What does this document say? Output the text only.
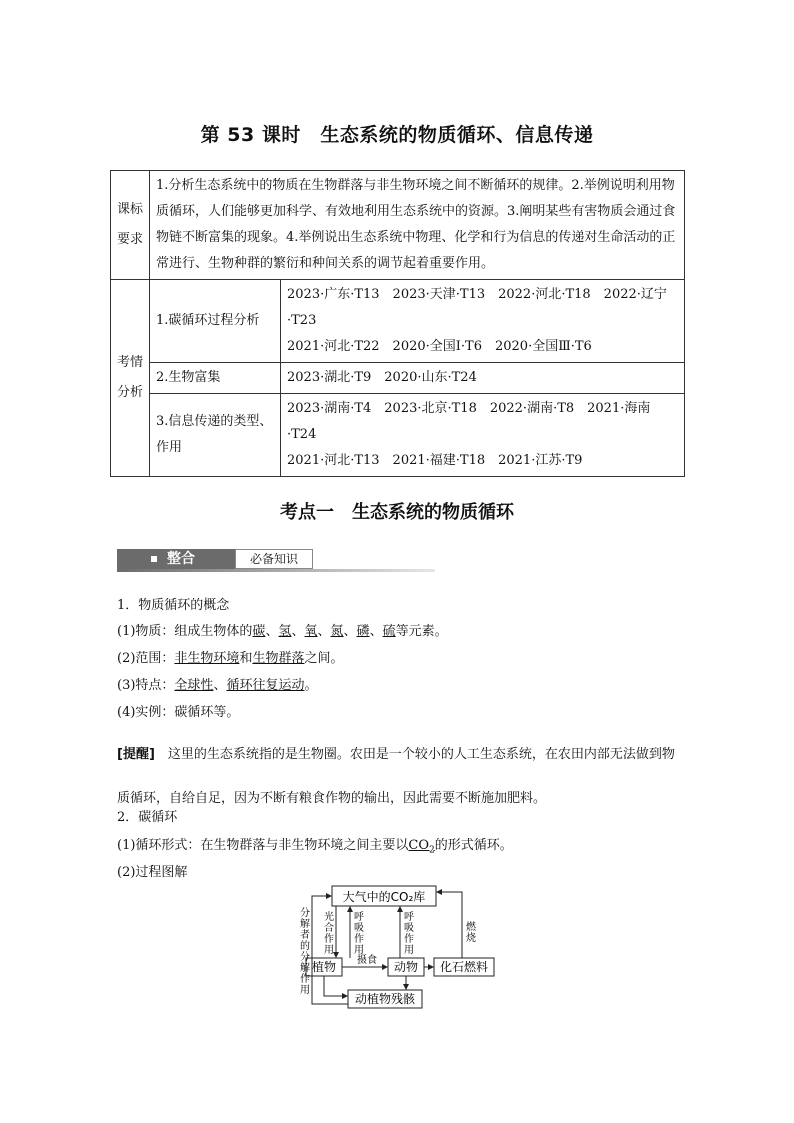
第 53 课时　生态系统的物质循环、信息传递
课标要求	1.分析生态系统中的物质在生物群落与非生物环境之间不断循环的规律。2.举例说明利用物质循环，人们能够更加科学、有效地利用生态系统中的资源。3.阐明某些有害物质会通过食物链不断富集的现象。4.举例说出生态系统中物理、化学和行为信息的传递对生命活动的正常进行、生物种群的繁衍和种间关系的调节起着重要作用。	
考情分析	1.碳循环过程分析	2023·广东·T13　2023·天津·T13　2022·河北·T18　2022·辽宁·T23
2021·河北·T22　2020·全国Ⅰ·T6　2020·全国Ⅲ·T6
	2.生物富集	2023·湖北·T9　2020·山东·T24
	3.信息传递的类型、作用	2023·湖南·T4　2023·北京·T18　2022·湖南·T8　2021·海南·T24
2021·河北·T13　2021·福建·T18　2021·江苏·T9
考点一　生态系统的物质循环
整合	必备知识
1．物质循环的概念
(1)物质：组成生物体的碳、氢、氧、氮、磷、硫等元素。
(2)范围：非生物环境和生物群落之间。
(3)特点：全球性、循环往复运动。
(4)实例：碳循环等。
[提醒]　 这里的生态系统指的是生物圈。农田是一个较小的人工生态系统，在农田内部无法做到物质循环，自给自足，因为不断有粮食作物的输出，因此需要不断施加肥料。
2．碳循环
(1)循环形式：在生物群落与非生物环境之间主要以$CO_2$的形式循环。
(2)过程图解
大气中的CO₂库
植物	动物 化石燃料
动植物残骸
分
解
者
的
分
解
作
用
光
合
作
用
呼
吸
作
用
呼
吸
作
用
燃
烧
摄食
